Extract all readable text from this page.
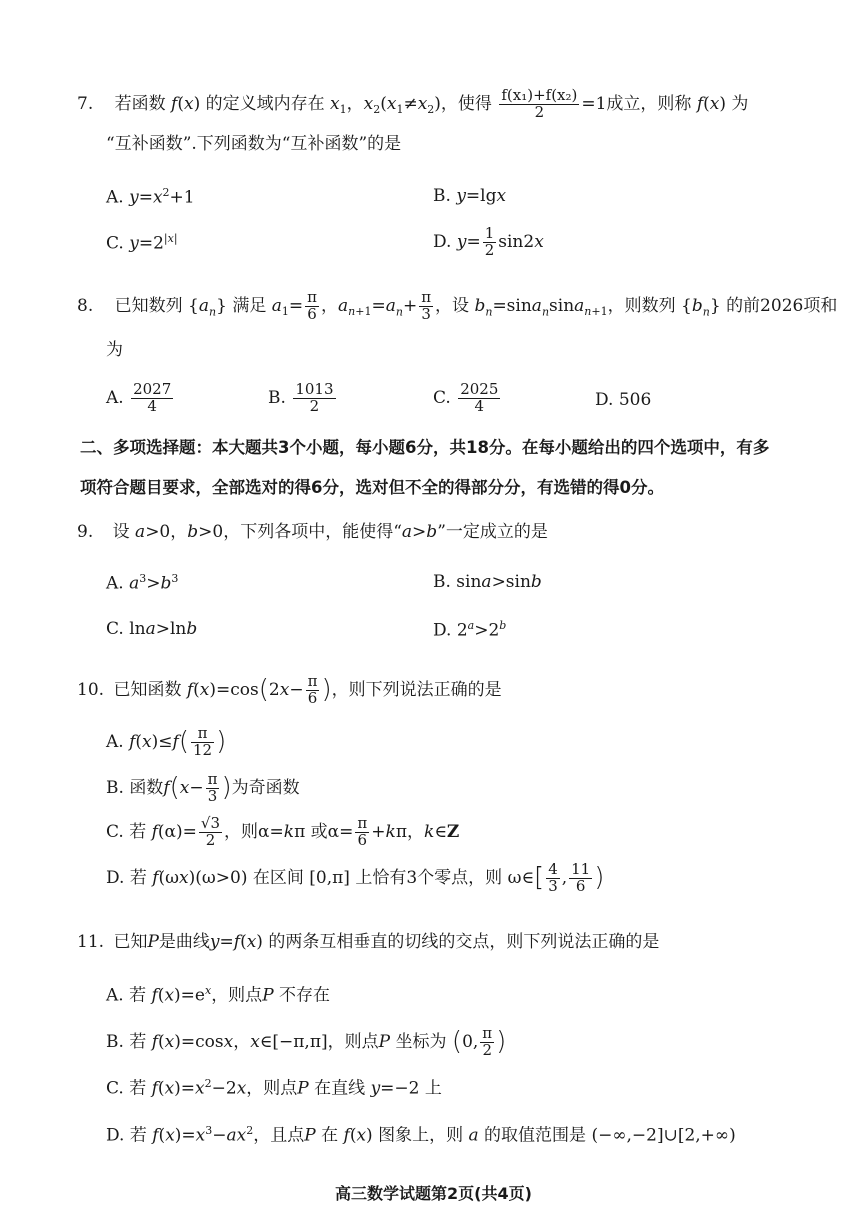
7. 若函数 f(x) 的定义域内存在 $x_1$，$x_2(x_1\ne x_2)$，使得 $\frac{\text{f(x₁)+f(x₂)}}{2} =1$成立，则称 f(x) 为
“互补函数”.下列函数为“互补函数”的是
A. $y=x^2+1$	B. y=lgx
C. $y=2^{|x|}$	D. $y= \frac{1}{2} \sin 2x$
8. 已知数列 $\{a_n\}$ 满足 $a_1= \frac{\pi}{6}$ ，$a_{n+1}=a_n+ \frac{\pi}{3}$ ，设 $b_n=\sin a_n\sin a_{n+1}$，则数列 $\{b_n\}$ 的前2026项和
为
A. $\frac{2027}{4}$	B. $\frac{1013}{2}$	C. $\frac{2025}{4}$	D. 506
二、多项选择题：本大题共3个小题，每小题6分，共18分。在每小题给出的四个选项中，有多
项符合题目要求，全部选对的得6分，选对但不全的得部分分，有选错的得0分。
9. 设 a>0，b>0，下列各项中，能使得“a>b”一定成立的是
A. $a^3>b^3$	B. sina>sinb
C. lna>lnb	D. $2^a>2^b$
10. 已知函数 $f(x)=\cos(2x- \frac{\pi}{6}$ )，则下列说法正确的是
A. $f(x)\le f( \frac{\pi}{12}$ )
B. 函数$f(x- \frac{\pi}{3}$ )为奇函数
C. 若 $f(\alpha)= \frac{√3}{2}$ ，则α=kπ 或$\alpha= \frac{\pi}{6} +k\pi$，k∈Z
D. 若 f(ωx)(ω>0) 在区间 [0,π] 上恰有3个零点，则 ω∈[ $\frac{4}{3}$ , $\frac{11}{6}$ )
11. 已知P是曲线y=f(x) 的两条互相垂直的切线的交点，则下列说法正确的是
A. 若 $f(x)=e^x$，则点P 不存在
B. 若 f(x)=cosx，x∈[−π,π]，则点P 坐标为 (0, $\frac{\pi}{2}$ )
C. 若 $f(x)=x^2-2x$，则点P 在直线 y=−2 上
D. 若 $f(x)=x^3-ax^2$，且点P 在 f(x) 图象上，则 a 的取值范围是 (−∞,−2]∪[2,+∞)
高三数学试题第2页(共4页)
